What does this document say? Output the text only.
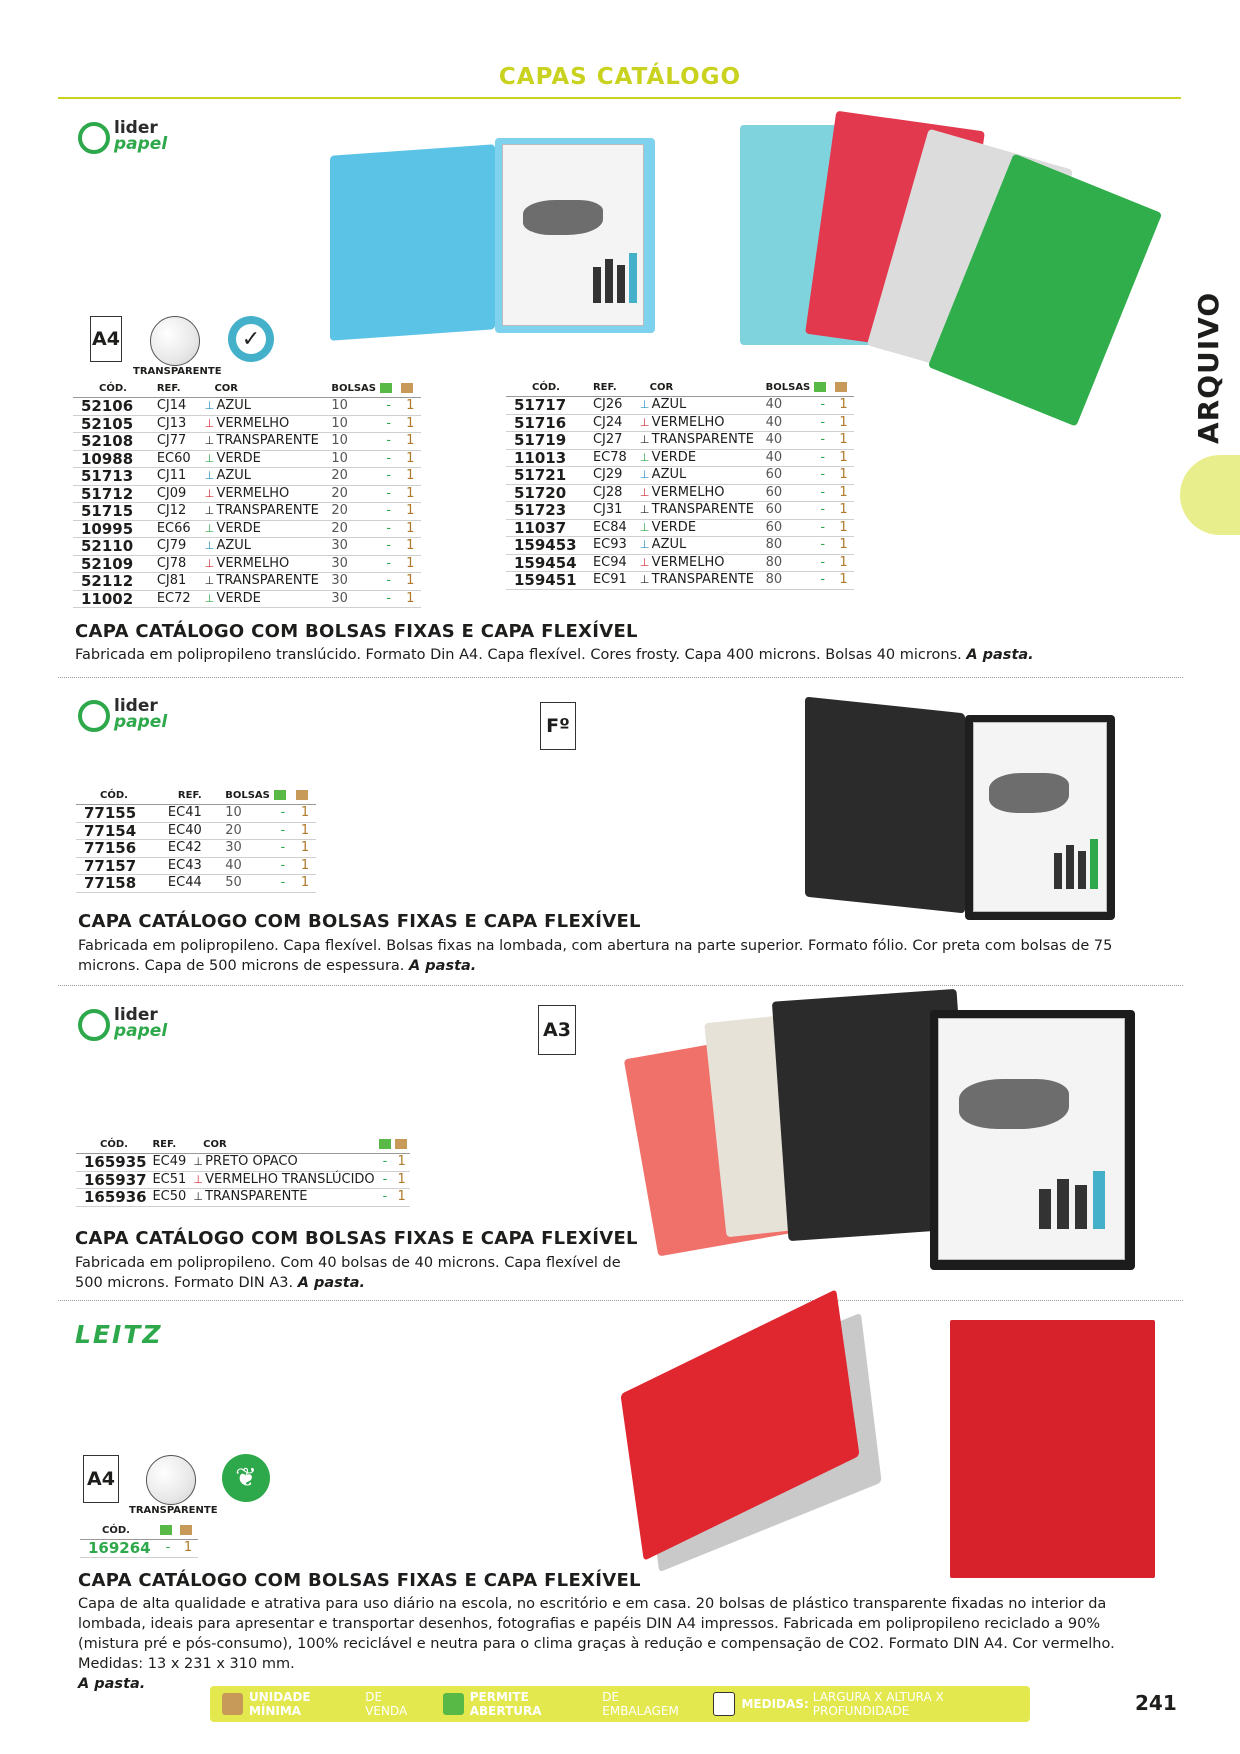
CAPAS CATÁLOGO
ARQUIVO
lider
papel
A4
TRANSPARENTE
✓
CÓD.	REF.	COR	BOLSAS		
52106	CJ14	⊥ AZUL	10	-	1
52105	CJ13	⊥ VERMELHO	10	-	1
52108	CJ77	⊥ TRANSPARENTE	10	-	1
10988	EC60	⊥ VERDE	10	-	1
51713	CJ11	⊥ AZUL	20	-	1
51712	CJ09	⊥ VERMELHO	20	-	1
51715	CJ12	⊥ TRANSPARENTE	20	-	1
10995	EC66	⊥ VERDE	20	-	1
52110	CJ79	⊥ AZUL	30	-	1
52109	CJ78	⊥ VERMELHO	30	-	1
52112	CJ81	⊥ TRANSPARENTE	30	-	1
11002	EC72	⊥ VERDE	30	-	1
CÓD.	REF.	COR	BOLSAS		
51717	CJ26	⊥ AZUL	40	-	1
51716	CJ24	⊥ VERMELHO	40	-	1
51719	CJ27	⊥ TRANSPARENTE	40	-	1
11013	EC78	⊥ VERDE	40	-	1
51721	CJ29	⊥ AZUL	60	-	1
51720	CJ28	⊥ VERMELHO	60	-	1
51723	CJ31	⊥ TRANSPARENTE	60	-	1
11037	EC84	⊥ VERDE	60	-	1
159453	EC93	⊥ AZUL	80	-	1
159454	EC94	⊥ VERMELHO	80	-	1
159451	EC91	⊥ TRANSPARENTE	80	-	1
CAPA CATÁLOGO COM BOLSAS FIXAS E CAPA FLEXÍVEL
Fabricada em polipropileno translúcido. Formato Din A4. Capa flexível. Cores frosty. Capa 400 microns. Bolsas 40 microns. A pasta.
lider
papel	Fº
CÓD.	REF.	BOLSAS		
77155	EC41	10	-	1
77154	EC40	20	-	1
77156	EC42	30	-	1
77157	EC43	40	-	1
77158	EC44	50	-	1
CAPA CATÁLOGO COM BOLSAS FIXAS E CAPA FLEXÍVEL
Fabricada em polipropileno. Capa flexível. Bolsas fixas na lombada, com abertura na parte superior. Formato fólio. Cor preta com bolsas de 75 microns. Capa de 500 microns de espessura. A pasta.
lider
papel	A3
CÓD.	REF.	COR		
165935	EC49	⊥ PRETO OPACO	-	1
165937	EC51	⊥ VERMELHO TRANSLÚCIDO	-	1
165936	EC50	⊥ TRANSPARENTE	-	1
CAPA CATÁLOGO COM BOLSAS FIXAS E CAPA FLEXÍVEL
Fabricada em polipropileno. Com 40 bolsas de 40 microns. Capa flexível de
500 microns. Formato DIN A3. A pasta.
LEITZ
A4
TRANSPARENTE
❦
CÓD.		
169264	-	1
CAPA CATÁLOGO COM BOLSAS FIXAS E CAPA FLEXÍVEL
Capa de alta qualidade e atrativa para uso diário na escola, no escritório e em casa. 20 bolsas de plástico transparente fixadas no interior da lombada, ideais para apresentar e transportar desenhos, fotografias e papéis DIN A4 impressos. Fabricada em polipropileno reciclado a 90% (mistura pré e pós-consumo), 100% reciclável e neutra para o clima graças à redução e compensação de CO2. Formato DIN A4. Cor vermelho. Medidas: 13 x 231 x 310 mm.
A pasta.
UNIDADE MÍNIMA
DE VENDA
PERMITE ABERTURA
DE EMBALAGEM	MEDIDAS: LARGURA X ALTURA X PROFUNDIDADE	241
